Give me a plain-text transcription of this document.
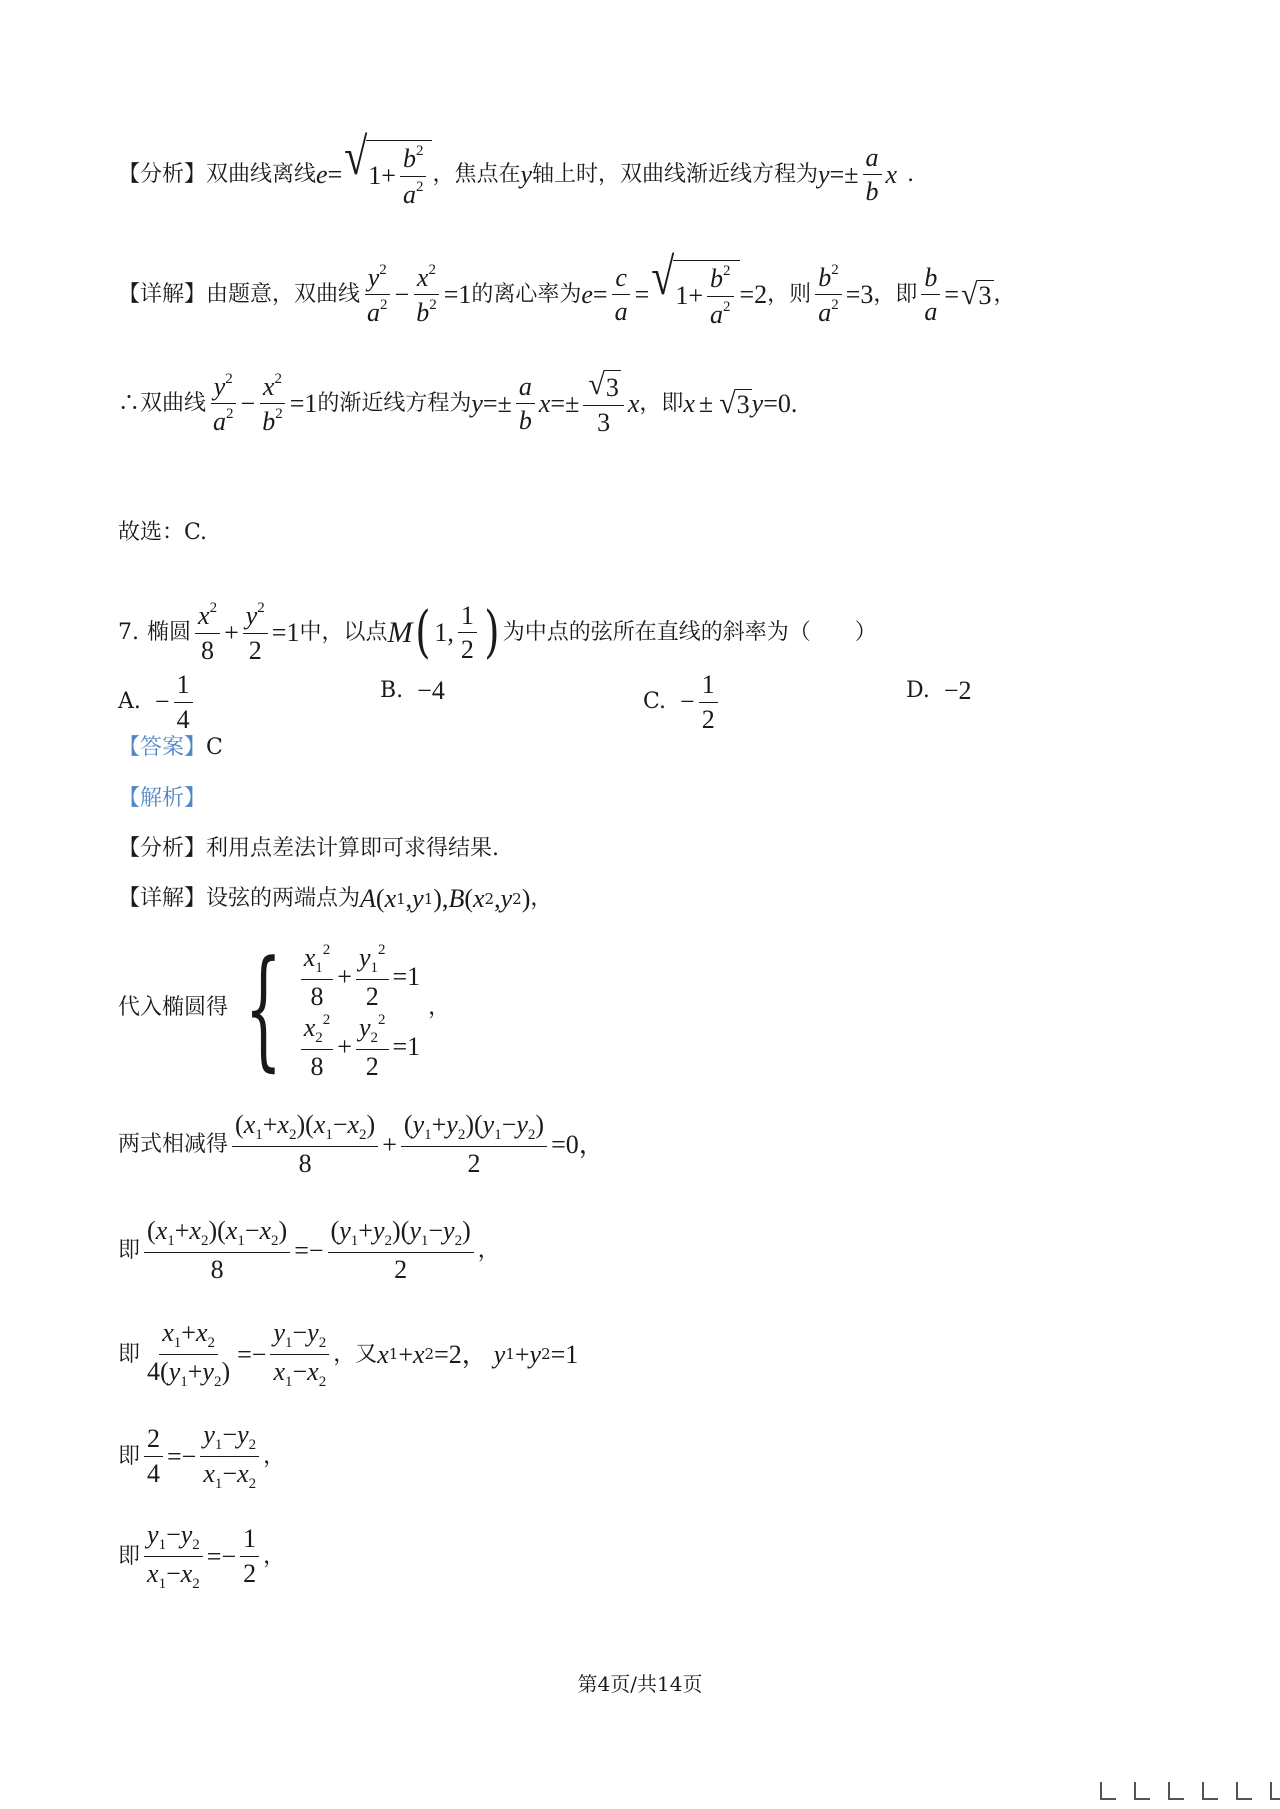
【分析】双曲线离线 e = √ $1 + \frac{b^2}{a^2}$ ，焦点在 y 轴上时，双曲线渐近线方程为 $y =\pm \frac{a}{b}$ x .
【详解】由题意，双曲线 $\frac{y^2}{a^2} - \frac{x^2}{b^2} =1$ 的离心率为 $e = \frac{c}{a}$ = √ $1 + \frac{b^2}{a^2} =2$ ，则 $\frac{b^2}{a^2} =3$ ，即 $\frac{b}{a}$ = √ 3 ，
∴双曲线 $\frac{y^2}{a^2} - \frac{x^2}{b^2} =1$ 的渐近线方程为 $y =\pm \frac{a}{b}$ $x =\pm \frac{√ 3}{3}$ x ，即 x ± √ 3 y =0.
故选：C.
7. 椭圆 $\frac{x^2}{8} + \frac{y^2}{2} =1$ 中，以点 M ( 1, $\frac{1}{2}$ ) 为中点的弦所在直线的斜率为（　　）
A. − $\frac{1}{4}$	B. −4	C. − $\frac{1}{2}$	D. −2
【答案】 C
【解析】
【分析】利用点差法计算即可求得结果.
【详解】设弦的两端点为 A ( x 1 , y 1 ), B ( x 2 , y 2 ) ，
代入椭圆得 { $\frac{x_1^2}{8} + \frac{y_1^2}{2} =1$
$\frac{x_2^2}{8} + \frac{y_2^2}{2} =1$
，
两式相减得 $\frac{(x_1+x_2)(x_1-x_2)}{8} + \frac{(y_1+y_2)(y_1-y_2)}{2} =0$，
即 $\frac{(x_1+x_2)(x_1-x_2)}{8} =- \frac{(y_1+y_2)(y_1-y_2)}{2}$ ，
即 $\frac{x_1+x_2}{4(y_1+y_2)} =- \frac{y_1-y_2}{x_1-x_2}$ ，又 x 1 + x 2 =2， y 1 + y 2 =1
即 $\frac{2}{4} =- \frac{y_1-y_2}{x_1-x_2}$ ，
即 $\frac{y_1-y_2}{x_1-x_2} =- \frac{1}{2}$ ，
第4页/共14页
